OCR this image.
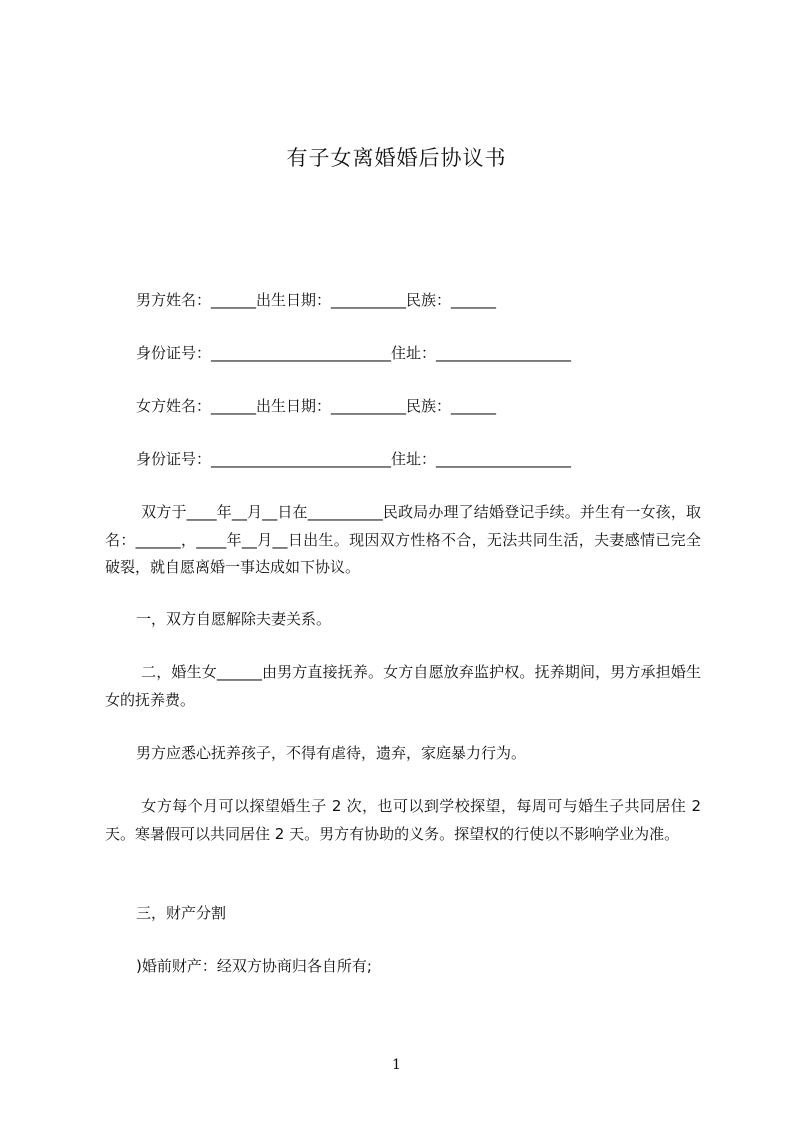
有子女离婚婚后协议书
男方姓名：______出生日期：__________民族：______
身份证号：________________________住址：__________________
女方姓名：______出生日期：__________民族：______
身份证号：________________________住址：__________________
双方于____年__月__日在__________民政局办理了结婚登记手续。并生有一女孩，取名：______，____年__月__日出生。现因双方性格不合，无法共同生活，夫妻感情已完全破裂，就自愿离婚一事达成如下协议。
一，双方自愿解除夫妻关系。
二，婚生女______由男方直接抚养。女方自愿放弃监护权。抚养期间，男方承担婚生女的抚养费。
男方应悉心抚养孩子，不得有虐待，遗弃，家庭暴力行为。
女方每个月可以探望婚生子 2 次，也可以到学校探望，每周可与婚生子共同居住 2 天。寒暑假可以共同居住 2 天。男方有协助的义务。探望权的行使以不影响学业为准。
三，财产分割
)婚前财产：经双方协商归各自所有;
1
